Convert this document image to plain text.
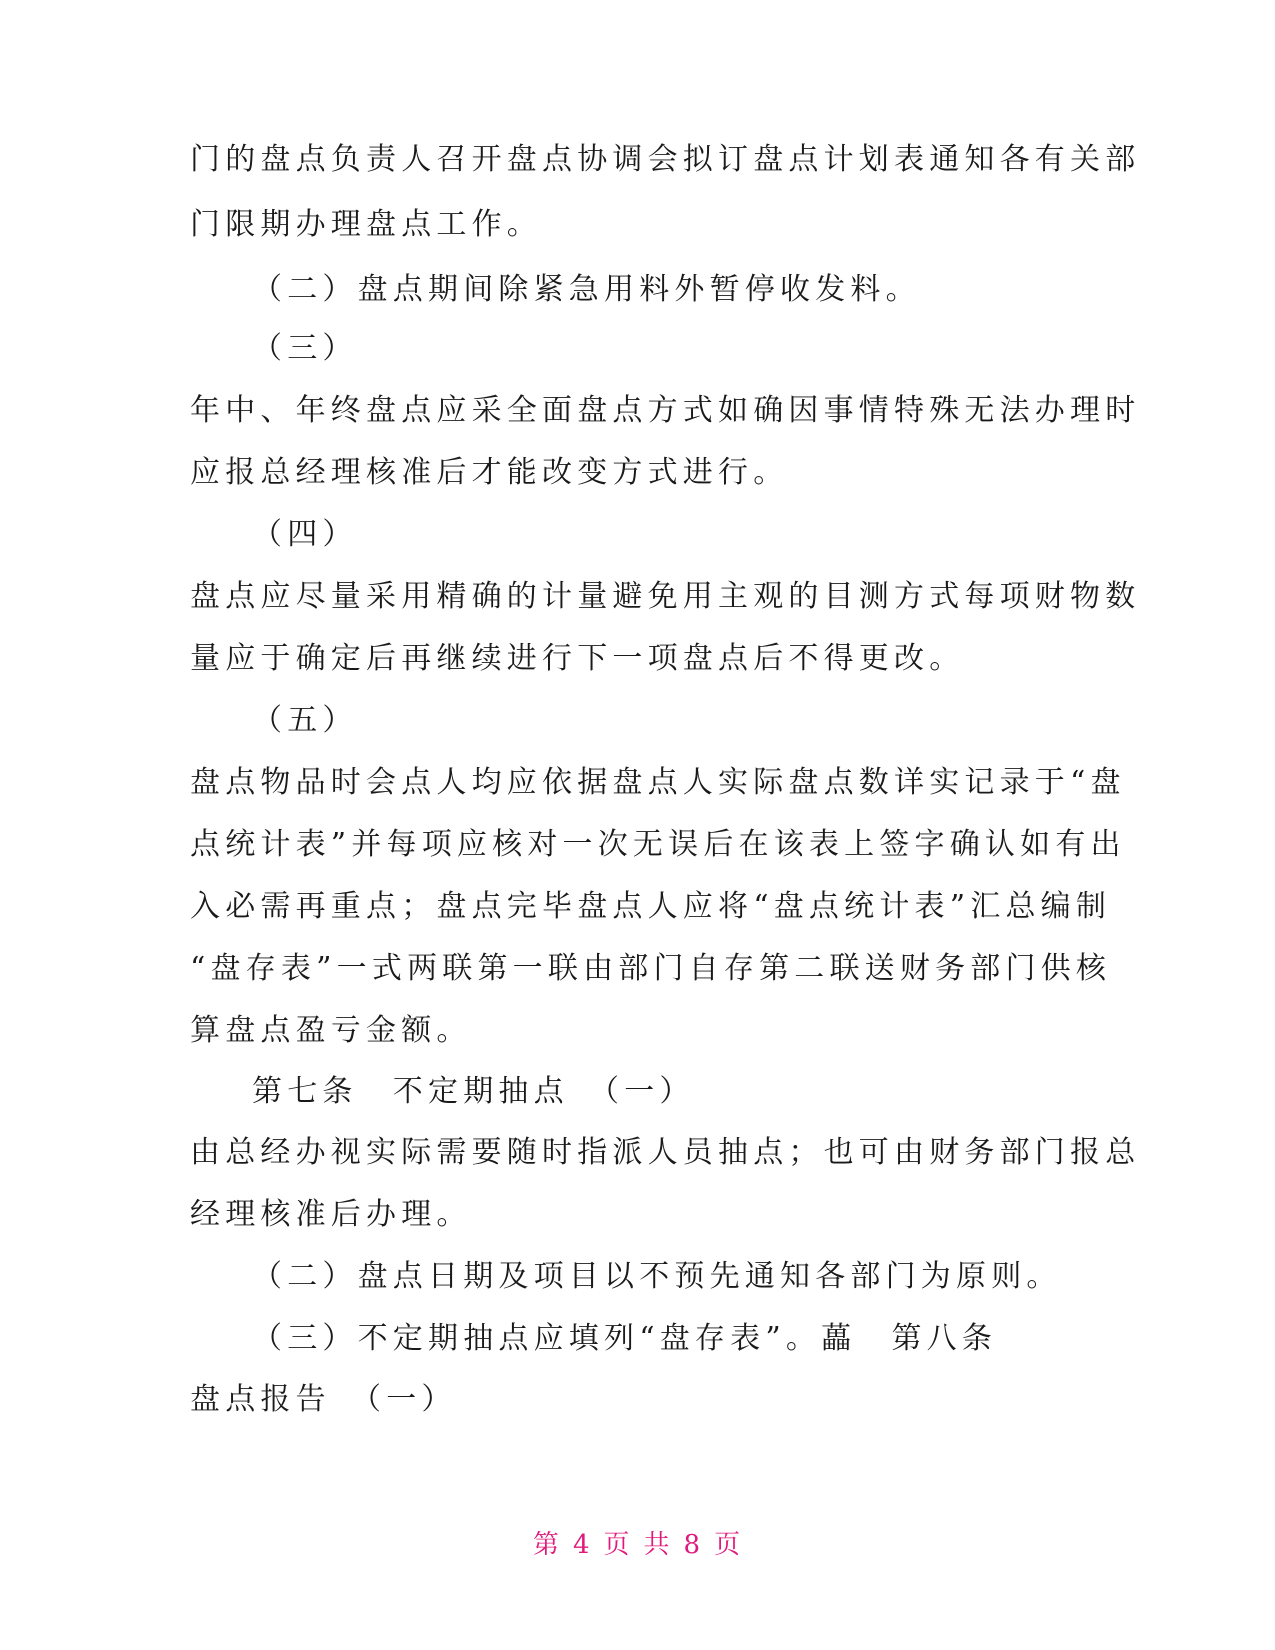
门的盘点负责人召开盘点协调会拟订盘点计划表通知各有关部
门限期办理盘点工作。
（二）盘点期间除紧急用料外暂停收发料。
（三）
年中、年终盘点应采全面盘点方式如确因事情特殊无法办理时
应报总经理核准后才能改变方式进行。
（四）
盘点应尽量采用精确的计量避免用主观的目测方式每项财物数
量应于确定后再继续进行下一项盘点后不得更改。
（五）
盘点物品时会点人均应依据盘点人实际盘点数详实记录于“盘
点统计表”并每项应核对一次无误后在该表上签字确认如有出
入必需再重点；盘点完毕盘点人应将“盘点统计表”汇总编制
“盘存表”一式两联第一联由部门自存第二联送财务部门供核
算盘点盈亏金额。
第七条　不定期抽点　（一）
由总经办视实际需要随时指派人员抽点；也可由财务部门报总
经理核准后办理。
（二）盘点日期及项目以不预先通知各部门为原则。
（三）不定期抽点应填列“盘存表”。藟　第八条
盘点报告　（一）
第 4 页 共 8 页
